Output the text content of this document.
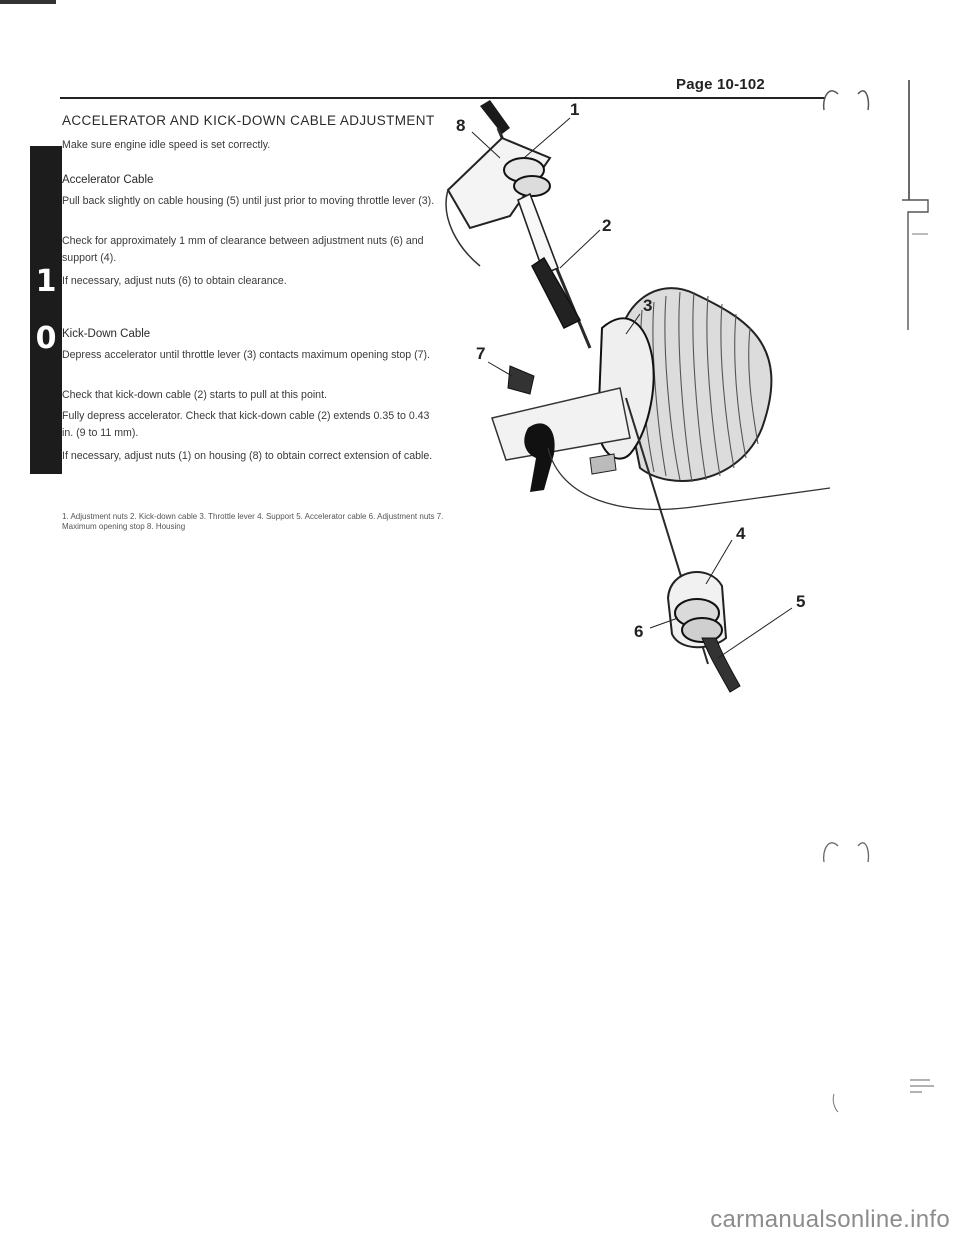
Page 10-102
ACCELERATOR AND KICK-DOWN CABLE ADJUSTMENT

Make sure engine idle speed is set correctly.

1
0
Accelerator Cable

Pull back slightly on cable housing (5) until just prior to moving throttle lever (3).

Check for approximately 1 mm of clearance between adjustment nuts (6) and support (4).

If necessary, adjust nuts (6) to obtain clearance.

Kick-Down Cable

Depress accelerator until throttle lever (3) contacts maximum opening stop (7).

Check that kick-down cable (2) starts to pull at this point.

Fully depress accelerator. Check that kick-down cable (2) extends 0.35 to 0.43 in. (9 to 11 mm).

If necessary, adjust nuts (1) on housing (8) to obtain correct extension of cable.

1. Adjustment nuts 2. Kick-down cable 3. Throttle lever 4. Support 5. Accelerator cable 6. Adjustment nuts 7. Maximum opening stop 8. Housing

1
2
3
4
5
6
7
8
carmanualsonline.info
